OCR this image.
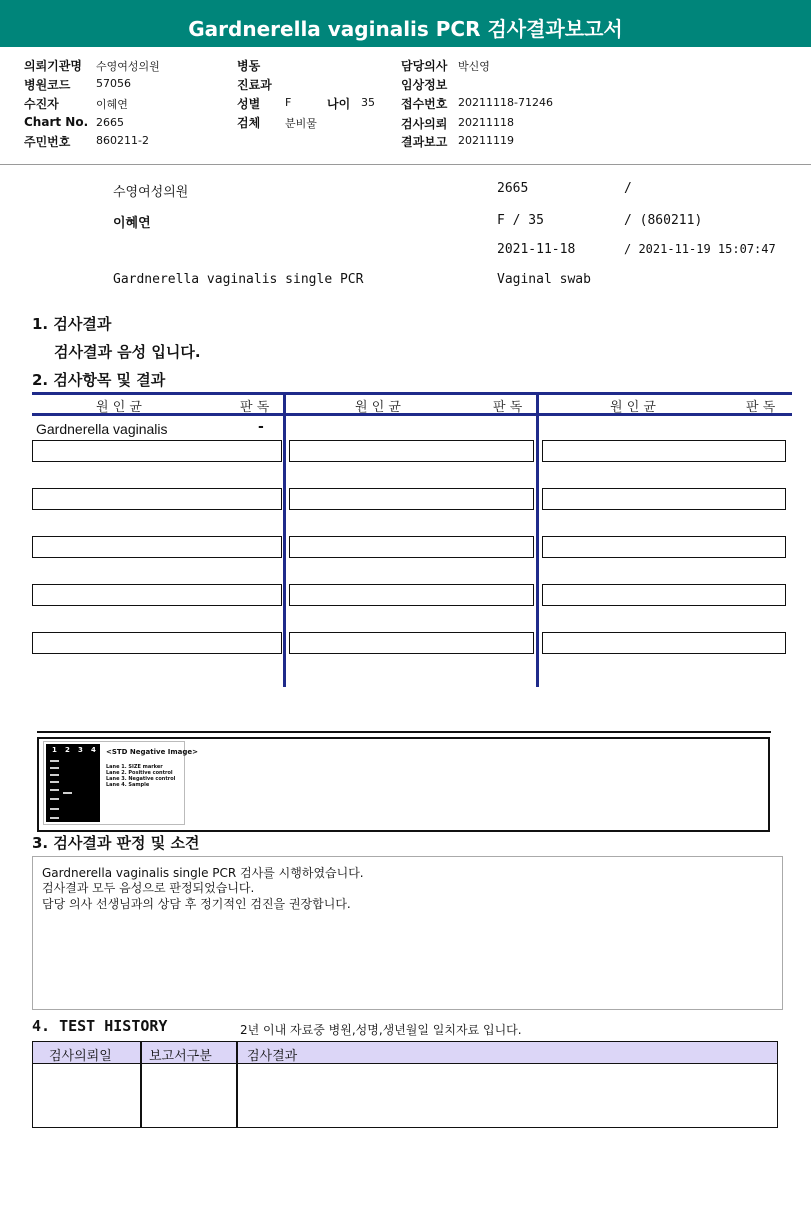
Gardnerella vaginalis PCR 검사결과보고서
의뢰기관명 수영여성의원
병원코드 57056
수진자	이혜연
Chart No. 2665
주민번호 860211-2
병동
진료과
성별 F	나이 35
검체 분비물
담당의사 박신영
임상정보
접수번호 20211118-71246
검사의뢰 20211118
결과보고 20211119
수영여성의원	2665	/
이혜연	F / 35	/ (860211)
2021-11-18	/ 2021-11-19 15:07:47
Gardnerella vaginalis single PCR	Vaginal swab
1. 검사결과
검사결과 음성 입니다.
2. 검사항목 및 결과
원 인 균	판 독	원 인 균	판 독	원 인 균	판 독
Gardnerella vaginalis	-
1 2 3 4 <STD Negative Image>
Lane 1. SIZE marker
Lane 2. Positive control
Lane 3. Negative control
Lane 4. Sample
3. 검사결과 판정 및 소견
Gardnerella vaginalis single PCR 검사를 시행하였습니다.
검사결과 모두 음성으로 판정되었습니다.
담당 의사 선생님과의 상담 후 정기적인 검진을 권장합니다.
4. TEST HISTORY	2년 이내 자료중 병원,성명,생년월일 일치자료 입니다.
검사의뢰일	보고서구분	검사결과
